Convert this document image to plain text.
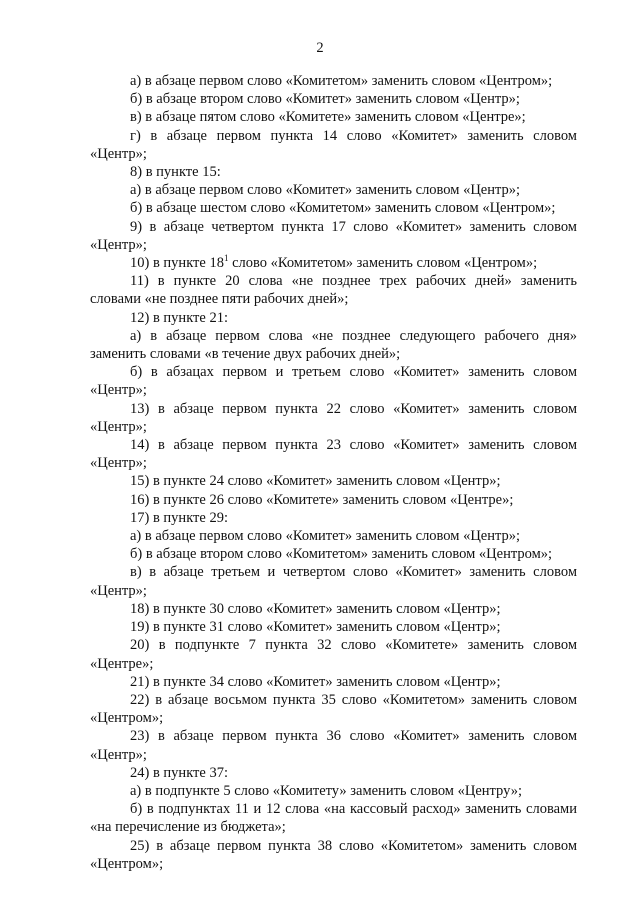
2

а) в абзаце первом слово «Комитетом» заменить словом «Центром»;

б) в абзаце втором слово «Комитет» заменить словом «Центр»;

в) в абзаце пятом слово «Комитете» заменить словом «Центре»;

г) в абзаце первом пункта 14 слово «Комитет» заменить словом «Центр»;

8) в пункте 15:

а) в абзаце первом слово «Комитет» заменить словом «Центр»;

б) в абзаце шестом слово «Комитетом» заменить словом «Центром»;

9) в абзаце четвертом пункта 17 слово «Комитет» заменить словом «Центр»;

10) в пункте $18^1$ слово «Комитетом» заменить словом «Центром»;

11) в пункте 20 слова «не позднее трех рабочих дней» заменить словами «не позднее пяти рабочих дней»;

12) в пункте 21:

а) в абзаце первом слова «не позднее следующего рабочего дня» заменить словами «в течение двух рабочих дней»;

б) в абзацах первом и третьем слово «Комитет» заменить словом «Центр»;

13) в абзаце первом пункта 22 слово «Комитет» заменить словом «Центр»;

14) в абзаце первом пункта 23 слово «Комитет» заменить словом «Центр»;

15) в пункте 24 слово «Комитет» заменить словом «Центр»;

16) в пункте 26 слово «Комитете» заменить словом «Центре»;

17) в пункте 29:

а) в абзаце первом слово «Комитет» заменить словом «Центр»;

б) в абзаце втором слово «Комитетом» заменить словом «Центром»;

в) в абзаце третьем и четвертом слово «Комитет» заменить словом «Центр»;

18) в пункте 30 слово «Комитет» заменить словом «Центр»;

19) в пункте 31 слово «Комитет» заменить словом «Центр»;

20) в подпункте 7 пункта 32 слово «Комитете» заменить словом «Центре»;

21) в пункте 34 слово «Комитет» заменить словом «Центр»;

22) в абзаце восьмом пункта 35 слово «Комитетом» заменить словом «Центром»;

23) в абзаце первом пункта 36 слово «Комитет» заменить словом «Центр»;

24) в пункте 37:

а) в подпункте 5 слово «Комитету» заменить словом «Центру»;

б) в подпунктах 11 и 12 слова «на кассовый расход» заменить словами «на перечисление из бюджета»;

25) в абзаце первом пункта 38 слово «Комитетом» заменить словом «Центром»;
